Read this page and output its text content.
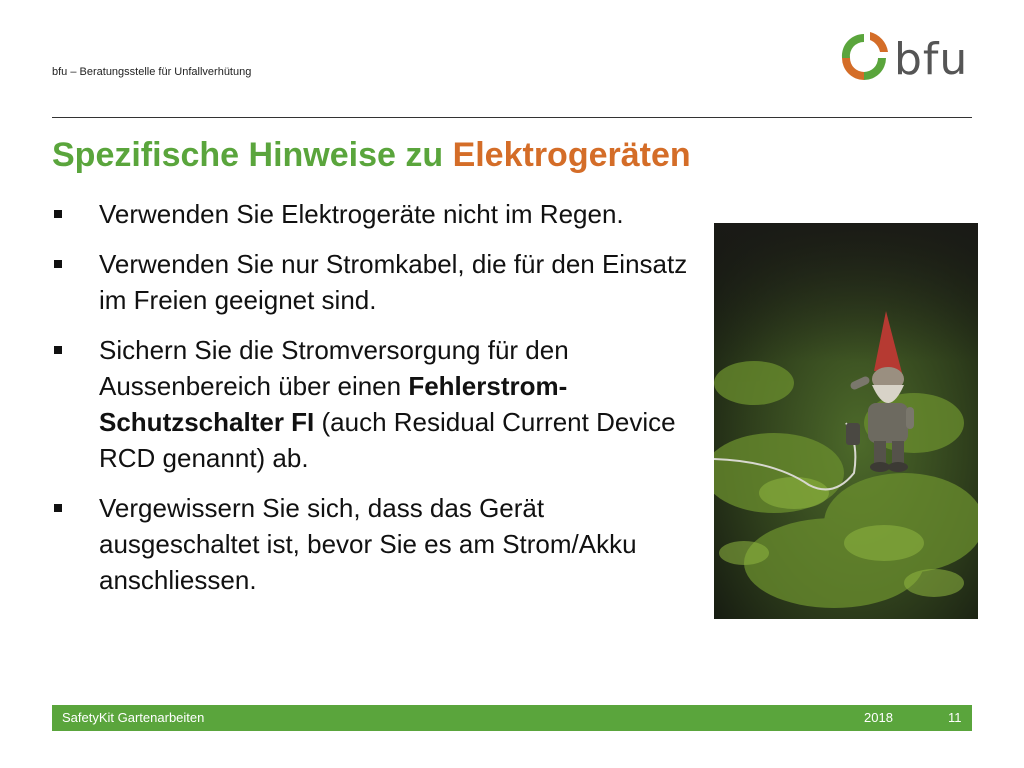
bfu – Beratungsstelle für Unfallverhütung	bfu
Spezifische Hinweise zu Elektrogeräten
Verwenden Sie Elektrogeräte nicht im Regen.
Verwenden Sie nur Stromkabel, die für den Einsatz im Freien geeignet sind.
Sichern Sie die Stromversorgung für den Aussenbereich über einen Fehlerstrom-Schutzschalter FI (auch Residual Current Device RCD genannt) ab.
Vergewissern Sie sich, dass das Gerät ausgeschaltet ist, bevor Sie es am Strom/Akku anschliessen.
SafetyKit Gartenarbeiten	2018	11
